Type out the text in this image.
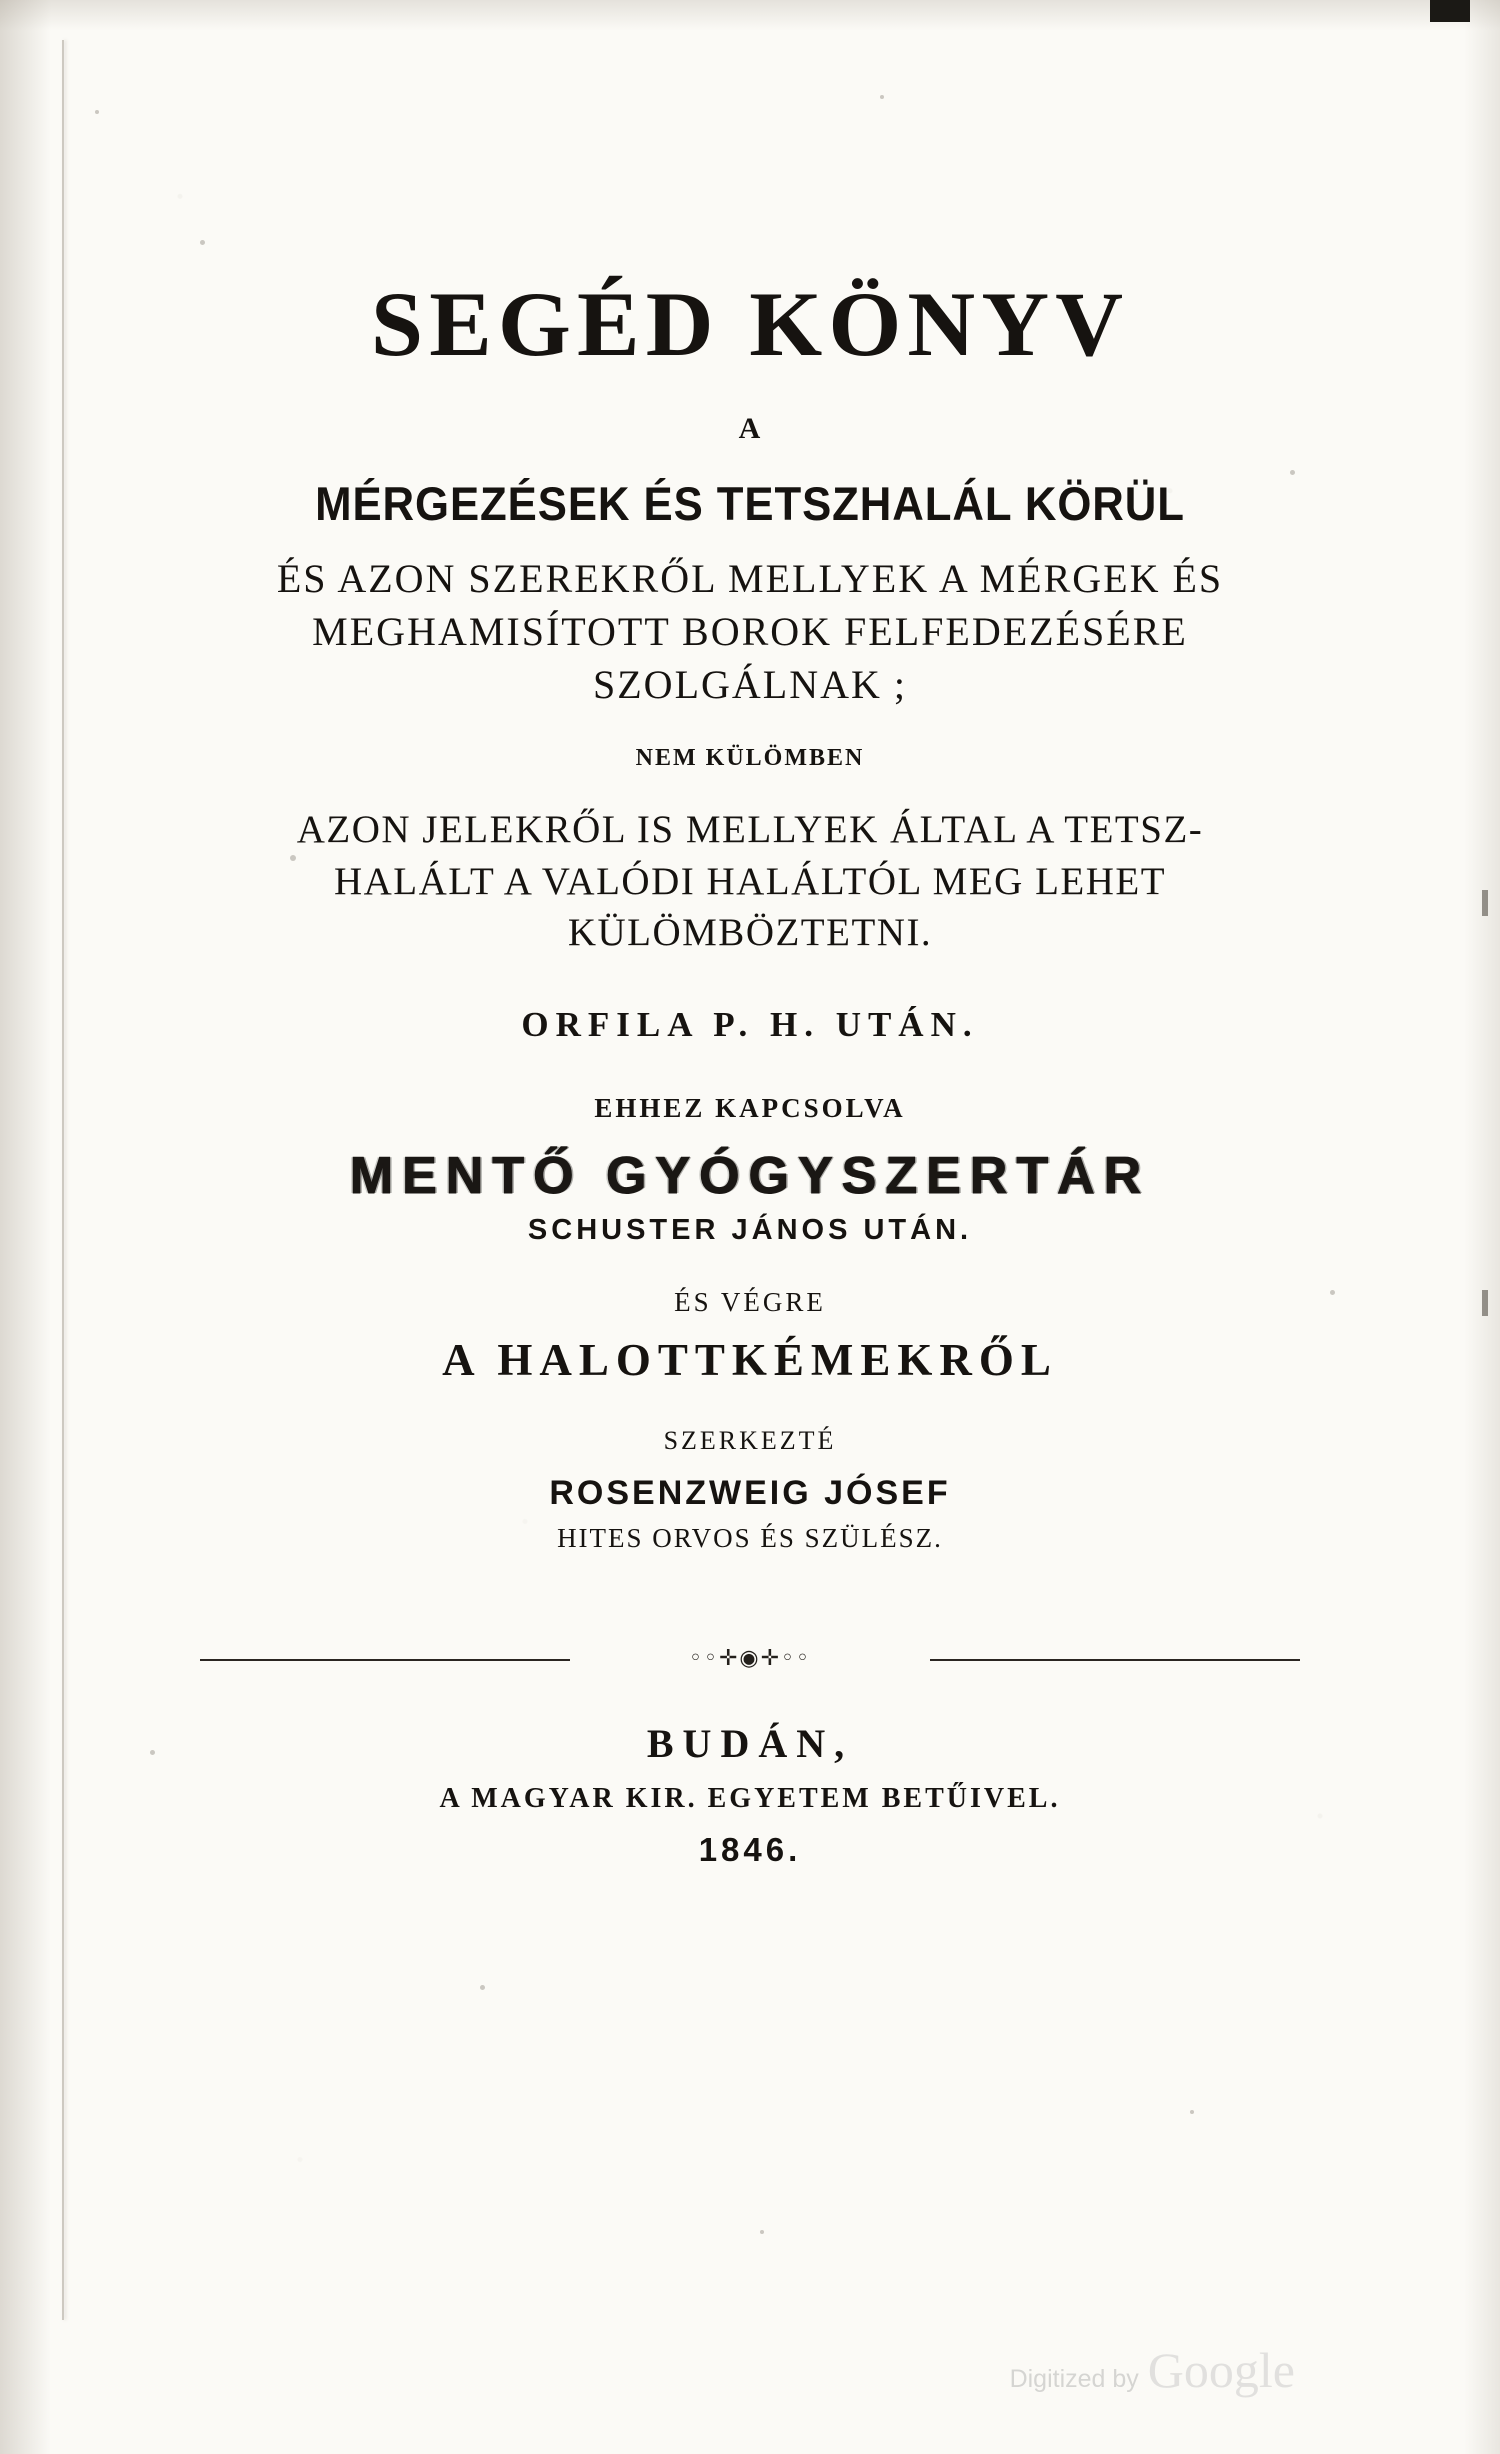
SEGÉD KÖNYV
A
MÉRGEZÉSEK ÉS TETSZHALÁL KÖRÜL
ÉS AZON SZEREKRŐL MELLYEK A MÉRGEK ÉS
MEGHAMISÍTOTT BOROK FELFEDEZÉSÉRE
SZOLGÁLNAK ;
NEM KÜLÖMBEN
AZON JELEKRŐL IS MELLYEK ÁLTAL A TETSZ-
HALÁLT A VALÓDI HALÁLTÓL MEG LEHET
KÜLÖMBÖZTETNI.
ORFILA P. H. UTÁN.
EHHEZ KAPCSOLVA
MENTŐ GYÓGYSZERTÁR
SCHUSTER JÁNOS UTÁN.
ÉS VÉGRE
A HALOTTKÉMEKRŐL
SZERKEZTÉ
ROSENZWEIG JÓSEF
HITES ORVOS ÉS SZÜLÉSZ.
◦◦✛◉✛◦◦
BUDÁN,
A MAGYAR KIR. EGYETEM BETŰIVEL.
1846.
Digitized by Google
